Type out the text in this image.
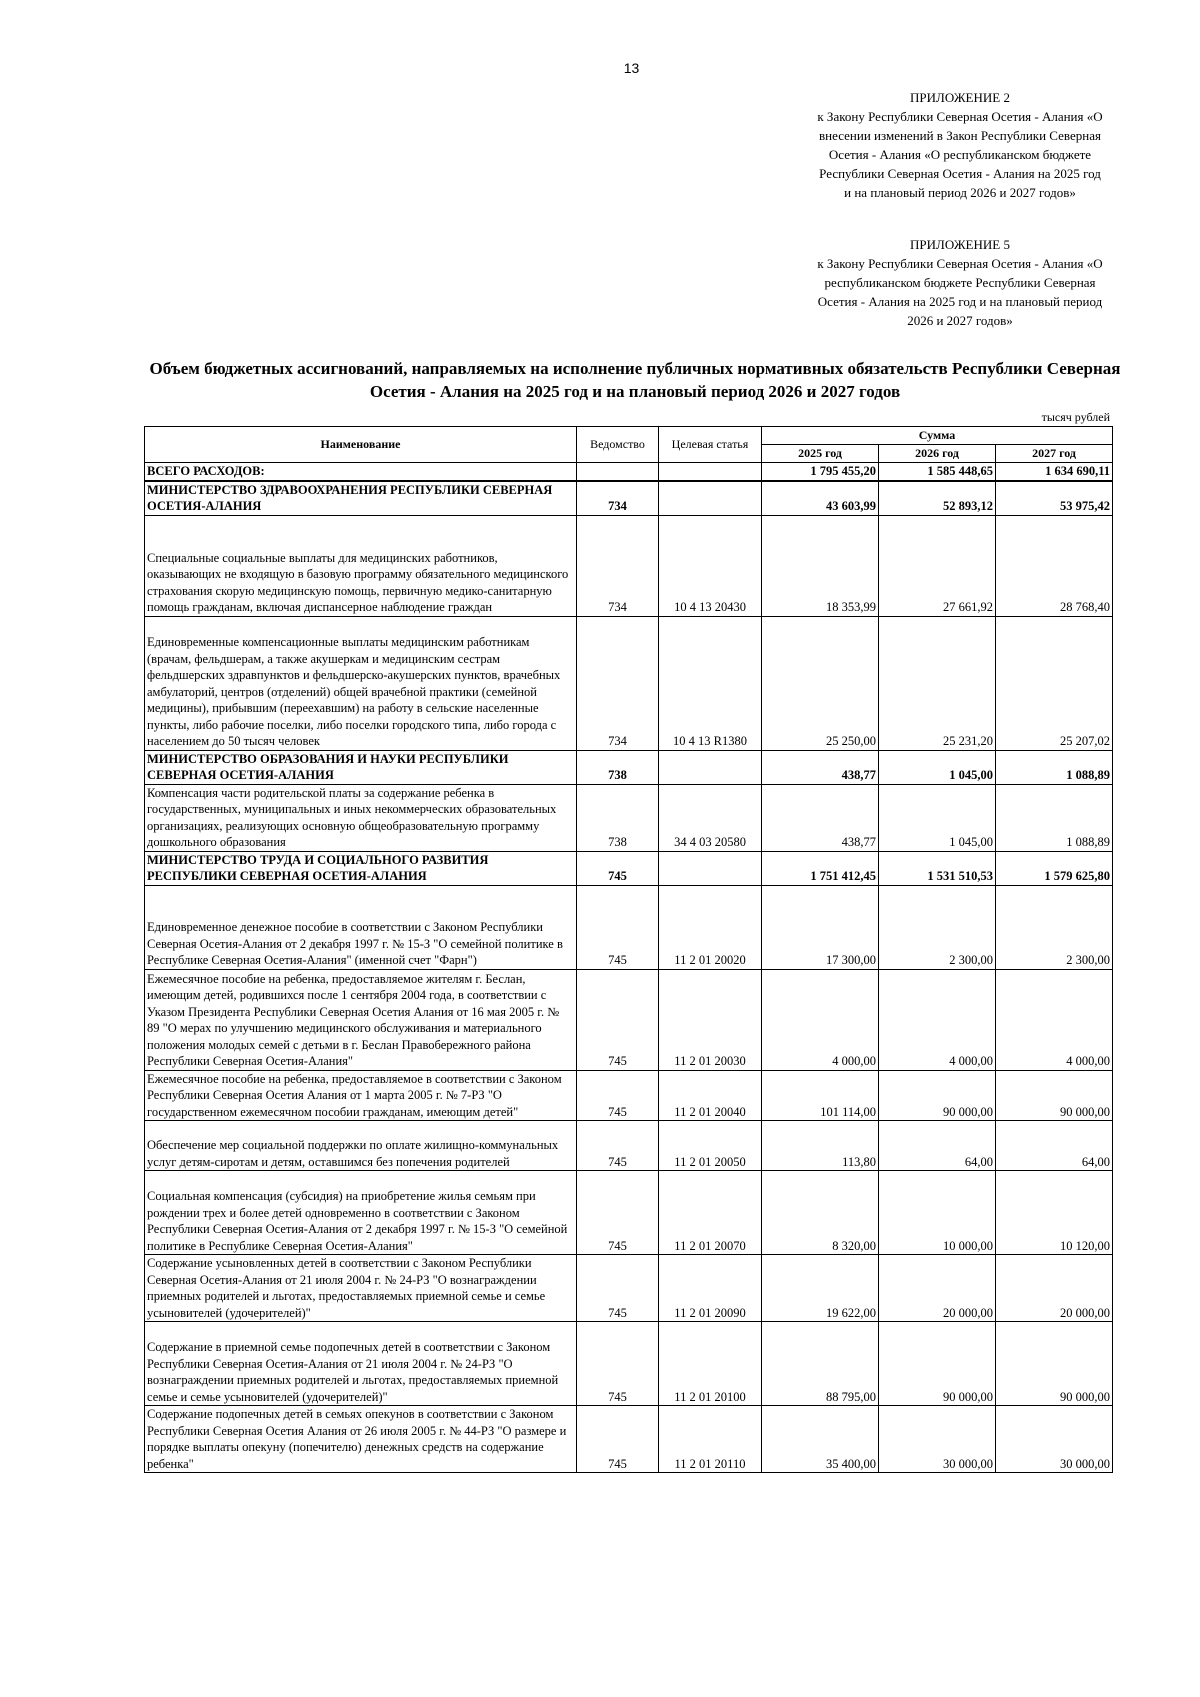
13
ПРИЛОЖЕНИЕ 2
к Закону Республики Северная Осетия - Алания «О внесении изменений в Закон Республики Северная Осетия - Алания «О республиканском бюджете Республики Северная Осетия - Алания на 2025 год и на плановый период 2026 и 2027 годов»
ПРИЛОЖЕНИЕ 5
к Закону Республики Северная Осетия - Алания «О республиканском бюджете Республики Северная Осетия - Алания на 2025 год и на плановый период 2026 и 2027 годов»
Объем бюджетных ассигнований, направляемых на исполнение публичных нормативных обязательств Республики Северная Осетия - Алания на 2025 год и на плановый период 2026 и 2027 годов
тысяч рублей
Наименование	Ведомство	Целевая статья	Сумма		
			2025 год	2026 год	2027 год
ВСЕГО РАСХОДОВ:			1 795 455,20	1 585 448,65	1 634 690,11
МИНИСТЕРСТВО ЗДРАВООХРАНЕНИЯ РЕСПУБЛИКИ СЕВЕРНАЯ ОСЕТИЯ-АЛАНИЯ	734		43 603,99	52 893,12	53 975,42
Специальные социальные выплаты для медицинских работников, оказывающих не входящую в базовую программу обязательного медицинского страхования скорую медицинскую помощь, первичную медико-санитарную помощь гражданам, включая диспансерное наблюдение граждан	734	10 4 13 20430	18 353,99	27 661,92	28 768,40
Единовременные компенсационные выплаты медицинским работникам (врачам, фельдшерам, а также акушеркам и медицинским сестрам фельдшерских здравпунктов и фельдшерско-акушерских пунктов, врачебных амбулаторий, центров (отделений) общей врачебной практики (семейной медицины), прибывшим (переехавшим) на работу в сельские населенные пункты, либо рабочие поселки, либо поселки городского типа, либо города с населением до 50 тысяч человек	734	10 4 13 R1380	25 250,00	25 231,20	25 207,02
МИНИСТЕРСТВО ОБРАЗОВАНИЯ И НАУКИ РЕСПУБЛИКИ СЕВЕРНАЯ ОСЕТИЯ-АЛАНИЯ	738		438,77	1 045,00	1 088,89
Компенсация части родительской платы за содержание ребенка в государственных, муниципальных и иных некоммерческих образовательных организациях, реализующих основную общеобразовательную программу дошкольного образования	738	34 4 03 20580	438,77	1 045,00	1 088,89
МИНИСТЕРСТВО ТРУДА И СОЦИАЛЬНОГО РАЗВИТИЯ РЕСПУБЛИКИ СЕВЕРНАЯ ОСЕТИЯ-АЛАНИЯ	745		1 751 412,45	1 531 510,53	1 579 625,80
Единовременное денежное пособие в соответствии с Законом Республики Северная Осетия-Алания от 2 декабря 1997 г. № 15-З "О семейной политике в Республике Северная Осетия-Алания" (именной счет "Фарн")	745	11 2 01 20020	17 300,00	2 300,00	2 300,00
Ежемесячное пособие на ребенка, предоставляемое жителям г. Беслан, имеющим детей, родившихся после 1 сентября 2004 года, в соответствии с Указом Президента Республики Северная Осетия Алания от 16 мая 2005 г. № 89 "О мерах по улучшению медицинского обслуживания и материального положения молодых семей с детьми в г. Беслан Правобережного района Республики Северная Осетия-Алания"	745	11 2 01 20030	4 000,00	4 000,00	4 000,00
Ежемесячное пособие на ребенка, предоставляемое в соответствии с Законом Республики Северная Осетия Алания от 1 марта 2005 г. № 7-РЗ "О государственном ежемесячном пособии гражданам, имеющим детей"	745	11 2 01 20040	101 114,00	90 000,00	90 000,00
Обеспечение мер социальной поддержки по оплате жилищно-коммунальных услуг детям-сиротам и детям, оставшимся без попечения родителей	745	11 2 01 20050	113,80	64,00	64,00
Социальная компенсация (субсидия) на приобретение жилья семьям при рождении трех и более детей одновременно в соответствии с Законом Республики Северная Осетия-Алания от 2 декабря 1997 г. № 15-З "О семейной политике в Республике Северная Осетия-Алания"	745	11 2 01 20070	8 320,00	10 000,00	10 120,00
Содержание усыновленных детей в соответствии с Законом Республики Северная Осетия-Алания от 21 июля 2004 г. № 24-РЗ "О вознаграждении приемных родителей и льготах, предоставляемых приемной семье и семье усыновителей (удочерителей)"	745	11 2 01 20090	19 622,00	20 000,00	20 000,00
Содержание в приемной семье подопечных детей в соответствии с Законом Республики Северная Осетия-Алания от 21 июля 2004 г. № 24-РЗ "О вознаграждении приемных родителей и льготах, предоставляемых приемной семье и семье усыновителей (удочерителей)"	745	11 2 01 20100	88 795,00	90 000,00	90 000,00
Содержание подопечных детей в семьях опекунов в соответствии с Законом Республики Северная Осетия Алания от 26 июля 2005 г. № 44-РЗ "О размере и порядке выплаты опекуну (попечителю) денежных средств на содержание ребенка"	745	11 2 01 20110	35 400,00	30 000,00	30 000,00
